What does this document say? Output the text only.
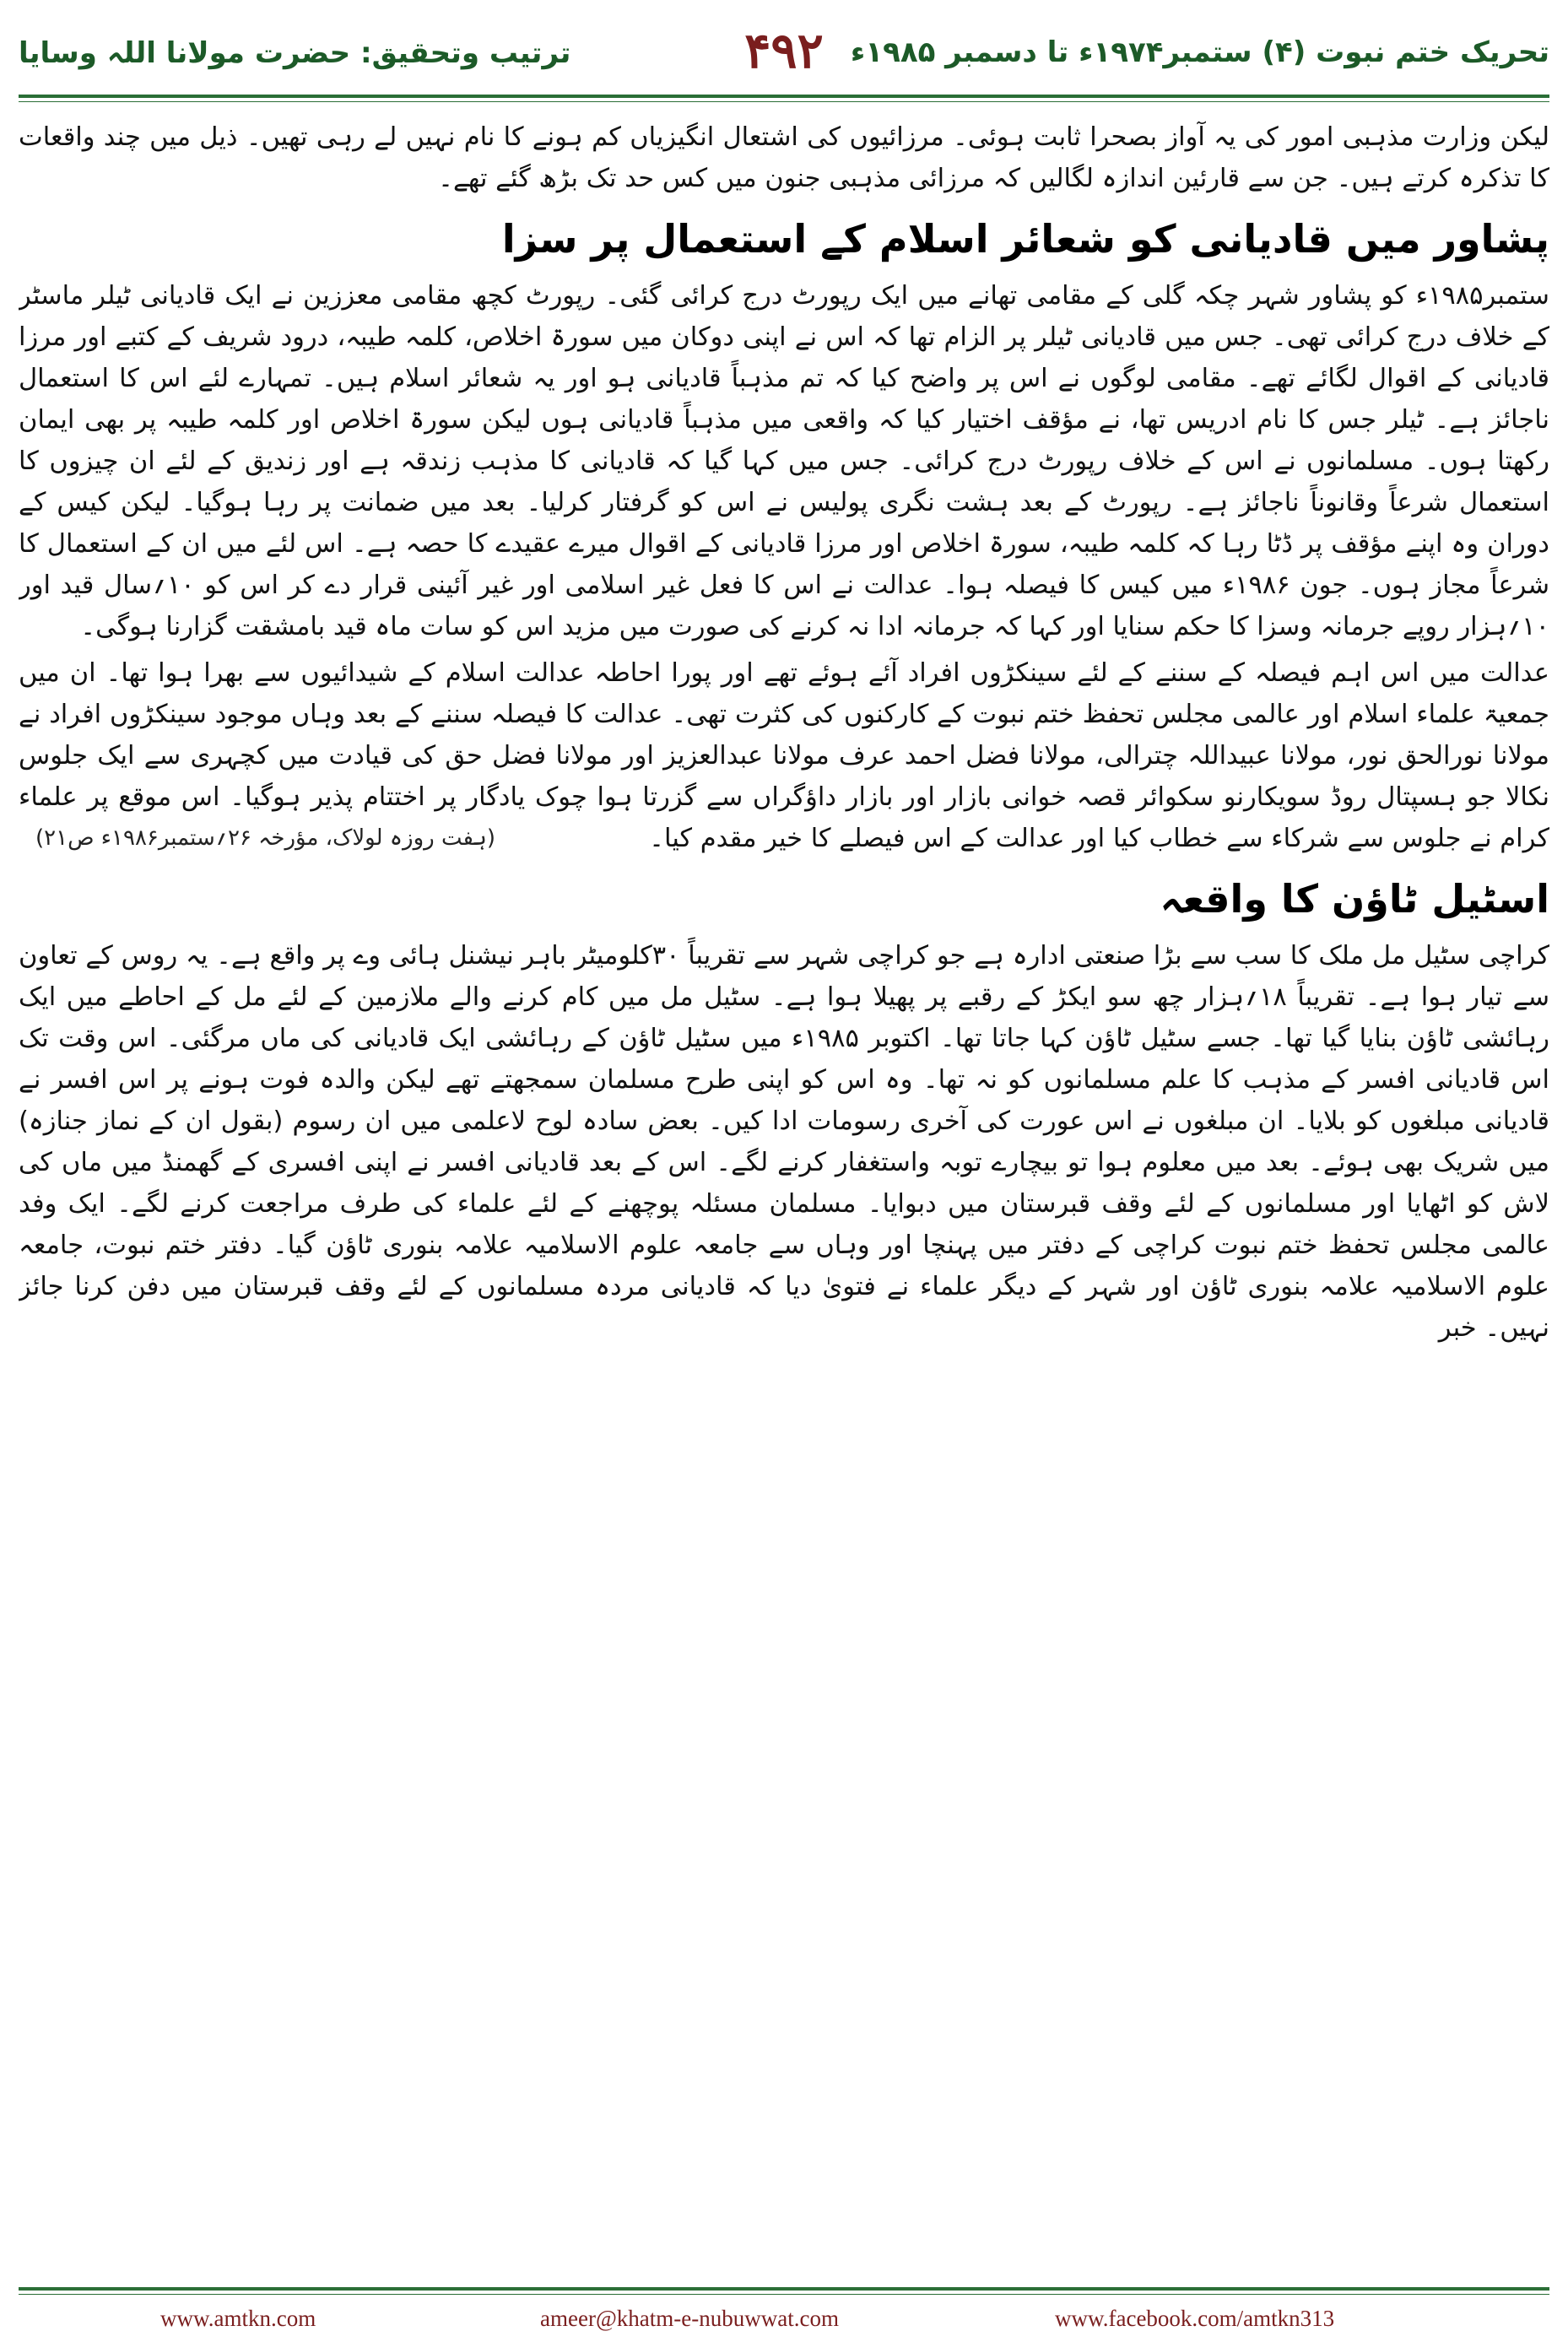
ترتیب وتحقیق: حضرت مولانا اللہ وسایا	۴۹۲ تحریک ختم نبوت (۴) ستمبر۱۹۷۴ء تا دسمبر ۱۹۸۵ء

لیکن وزارت مذہبی امور کی یہ آواز بصحرا ثابت ہوئی۔ مرزائیوں کی اشتعال انگیزیاں کم ہونے کا نام نہیں لے رہی تھیں۔ ذیل میں چند واقعات کا تذکرہ کرتے ہیں۔ جن سے قارئین اندازہ لگالیں کہ مرزائی مذہبی جنون میں کس حد تک بڑھ گئے تھے۔

پشاور میں قادیانی کو شعائر اسلام کے استعمال پر سزا

ستمبر۱۹۸۵ء کو پشاور شہر چکہ گلی کے مقامی تھانے میں ایک رپورٹ درج کرائی گئی۔ رپورٹ کچھ مقامی معززین نے ایک قادیانی ٹیلر ماسٹر کے خلاف درج کرائی تھی۔ جس میں قادیانی ٹیلر پر الزام تھا کہ اس نے اپنی دوکان میں سورۃ اخلاص، کلمہ طیبہ، درود شریف کے کتبے اور مرزا قادیانی کے اقوال لگائے تھے۔ مقامی لوگوں نے اس پر واضح کیا کہ تم مذہباً قادیانی ہو اور یہ شعائر اسلام ہیں۔ تمہارے لئے اس کا استعمال ناجائز ہے۔ ٹیلر جس کا نام ادریس تھا، نے مؤقف اختیار کیا کہ واقعی میں مذہباً قادیانی ہوں لیکن سورۃ اخلاص اور کلمہ طیبہ پر بھی ایمان رکھتا ہوں۔ مسلمانوں نے اس کے خلاف رپورٹ درج کرائی۔ جس میں کہا گیا کہ قادیانی کا مذہب زندقہ ہے اور زندیق کے لئے ان چیزوں کا استعمال شرعاً وقانوناً ناجائز ہے۔ رپورٹ کے بعد ہشت نگری پولیس نے اس کو گرفتار کرلیا۔ بعد میں ضمانت پر رہا ہوگیا۔ لیکن کیس کے دوران وہ اپنے مؤقف پر ڈٹا رہا کہ کلمہ طیبہ، سورۃ اخلاص اور مرزا قادیانی کے اقوال میرے عقیدے کا حصہ ہے۔ اس لئے میں ان کے استعمال کا شرعاً مجاز ہوں۔ جون ۱۹۸۶ء میں کیس کا فیصلہ ہوا۔ عدالت نے اس کا فعل غیر اسلامی اور غیر آئینی قرار دے کر اس کو ۱۰؍سال قید اور ۱۰؍ہزار روپے جرمانہ وسزا کا حکم سنایا اور کہا کہ جرمانہ ادا نہ کرنے کی صورت میں مزید اس کو سات ماہ قید بامشقت گزارنا ہوگی۔

عدالت میں اس اہم فیصلہ کے سننے کے لئے سینکڑوں افراد آئے ہوئے تھے اور پورا احاطہ عدالت اسلام کے شیدائیوں سے بھرا ہوا تھا۔ ان میں جمعیۃ علماء اسلام اور عالمی مجلس تحفظ ختم نبوت کے کارکنوں کی کثرت تھی۔ عدالت کا فیصلہ سننے کے بعد وہاں موجود سینکڑوں افراد نے مولانا نورالحق نور، مولانا عبیداللہ چترالی، مولانا فضل احمد عرف مولانا عبدالعزیز اور مولانا فضل حق کی قیادت میں کچہری سے ایک جلوس نکالا جو ہسپتال روڈ سویکارنو سکوائر قصہ خوانی بازار اور بازار داؤگراں سے گزرتا ہوا چوک یادگار پر اختتام پذیر ہوگیا۔ اس موقع پر علماء کرام نے جلوس سے شرکاء سے خطاب کیا اور عدالت کے اس فیصلے کا خیر مقدم کیا۔
(ہفت روزہ لولاک، مؤرخہ ۲۶؍ستمبر۱۹۸۶ء ص۲۱)

اسٹیل ٹاؤن کا واقعہ

کراچی سٹیل مل ملک کا سب سے بڑا صنعتی ادارہ ہے جو کراچی شہر سے تقریباً ۳۰کلومیٹر باہر نیشنل ہائی وے پر واقع ہے۔ یہ روس کے تعاون سے تیار ہوا ہے۔ تقریباً ۱۸؍ہزار چھ سو ایکڑ کے رقبے پر پھیلا ہوا ہے۔ سٹیل مل میں کام کرنے والے ملازمین کے لئے مل کے احاطے میں ایک رہائشی ٹاؤن بنایا گیا تھا۔ جسے سٹیل ٹاؤن کہا جاتا تھا۔ اکتوبر ۱۹۸۵ء میں سٹیل ٹاؤن کے رہائشی ایک قادیانی کی ماں مرگئی۔ اس وقت تک اس قادیانی افسر کے مذہب کا علم مسلمانوں کو نہ تھا۔ وہ اس کو اپنی طرح مسلمان سمجھتے تھے لیکن والدہ فوت ہونے پر اس افسر نے قادیانی مبلغوں کو بلایا۔ ان مبلغوں نے اس عورت کی آخری رسومات ادا کیں۔ بعض سادہ لوح لاعلمی میں ان رسوم (بقول ان کے نماز جنازہ) میں شریک بھی ہوئے۔ بعد میں معلوم ہوا تو بیچارے توبہ واستغفار کرنے لگے۔ اس کے بعد قادیانی افسر نے اپنی افسری کے گھمنڈ میں ماں کی لاش کو اٹھایا اور مسلمانوں کے لئے وقف قبرستان میں دبوایا۔ مسلمان مسئلہ پوچھنے کے لئے علماء کی طرف مراجعت کرنے لگے۔ ایک وفد عالمی مجلس تحفظ ختم نبوت کراچی کے دفتر میں پہنچا اور وہاں سے جامعہ علوم الاسلامیہ علامہ بنوری ٹاؤن گیا۔ دفتر ختم نبوت، جامعہ علوم الاسلامیہ علامہ بنوری ٹاؤن اور شہر کے دیگر علماء نے فتویٰ دیا کہ قادیانی مردہ مسلمانوں کے لئے وقف قبرستان میں دفن کرنا جائز نہیں۔ خبر

www.amtkn.com	ameer@khatm-e-nubuwwat.com	www.facebook.com/amtkn313
